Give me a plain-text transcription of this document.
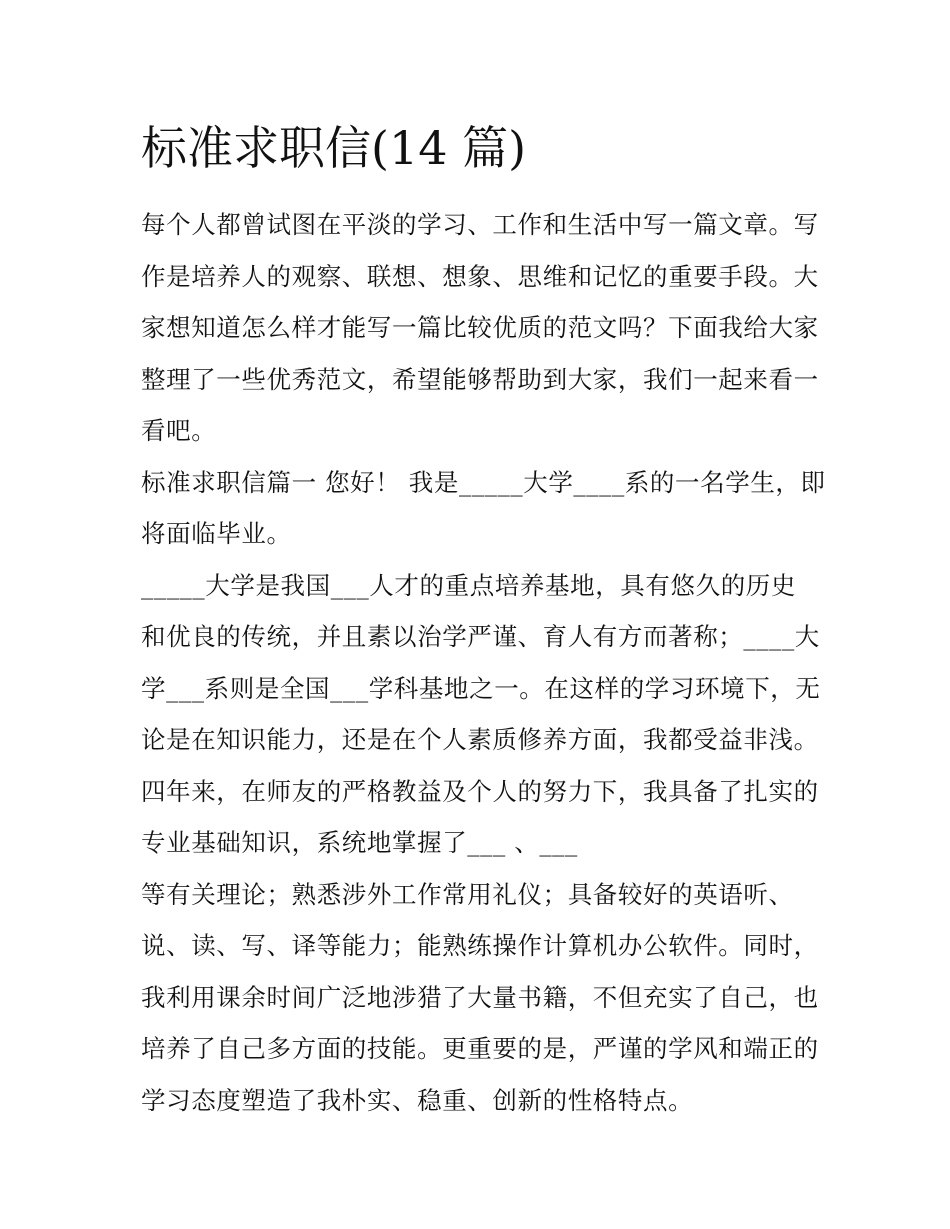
标准求职信(14 篇)
每个人都曾试图在平淡的学习、工作和生活中写一篇文章。写
作是培养人的观察、联想、想象、思维和记忆的重要手段。大
家想知道怎么样才能写一篇比较优质的范文吗？下面我给大家
整理了一些优秀范文，希望能够帮助到大家，我们一起来看一
看吧。
标准求职信篇一 您好！ 我是_____大学____系的一名学生，即
将面临毕业。
_____大学是我国___人才的重点培养基地，具有悠久的历史
和优良的传统，并且素以治学严谨、育人有方而著称；____大
学___系则是全国___学科基地之一。在这样的学习环境下，无
论是在知识能力，还是在个人素质修养方面，我都受益非浅。
四年来，在师友的严格教益及个人的努力下，我具备了扎实的
专业基础知识，系统地掌握了___ 、___
等有关理论；熟悉涉外工作常用礼仪；具备较好的英语听、
说、读、写、译等能力；能熟练操作计算机办公软件。同时，
我利用课余时间广泛地涉猎了大量书籍，不但充实了自己，也
培养了自己多方面的技能。更重要的是，严谨的学风和端正的
学习态度塑造了我朴实、稳重、创新的性格特点。
